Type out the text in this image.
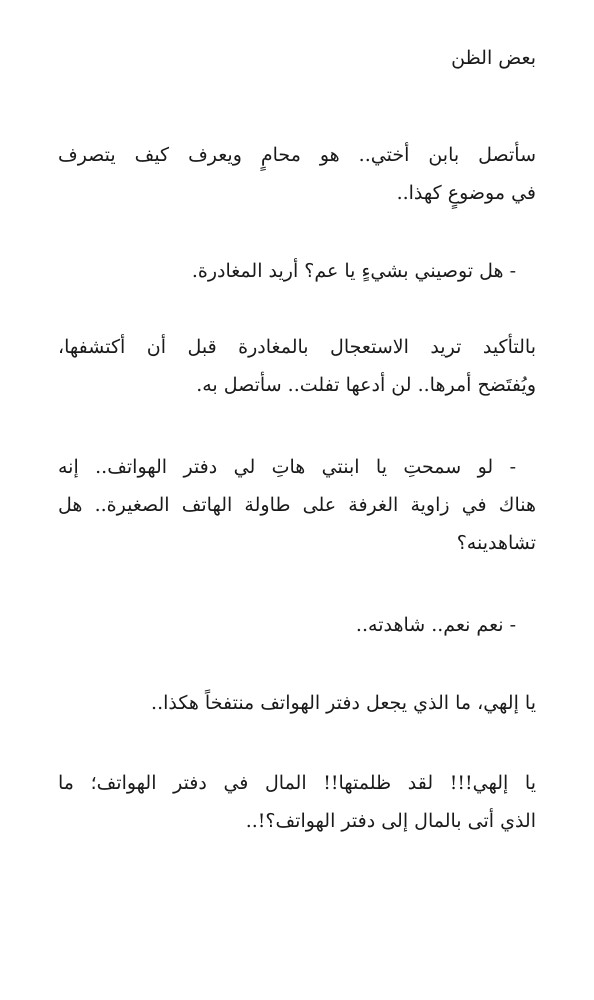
بعض الظن
سأتصل بابن أختي.. هو محامٍ ويعرف كيف يتصرف
في موضوعٍ كهذا..
- هل توصيني بشيءٍ يا عم؟ أريد المغادرة.
بالتأكيد تريد الاستعجال بالمغادرة قبل أن أكتشفها،
ويُفتَضح أمرها.. لن أدعها تفلت.. سأتصل به.
- لو سمحتِ يا ابنتي هاتِ لي دفتر الهواتف.. إنه
هناك في زاوية الغرفة على طاولة الهاتف الصغيرة.. هل
تشاهدينه؟
- نعم نعم.. شاهدته..
يا إلهي، ما الذي يجعل دفتر الهواتف منتفخاً هكذا..
يا إلهي!!! لقد ظلمتها!! المال في دفتر الهواتف؛ ما
الذي أتى بالمال إلى دفتر الهواتف؟!..
